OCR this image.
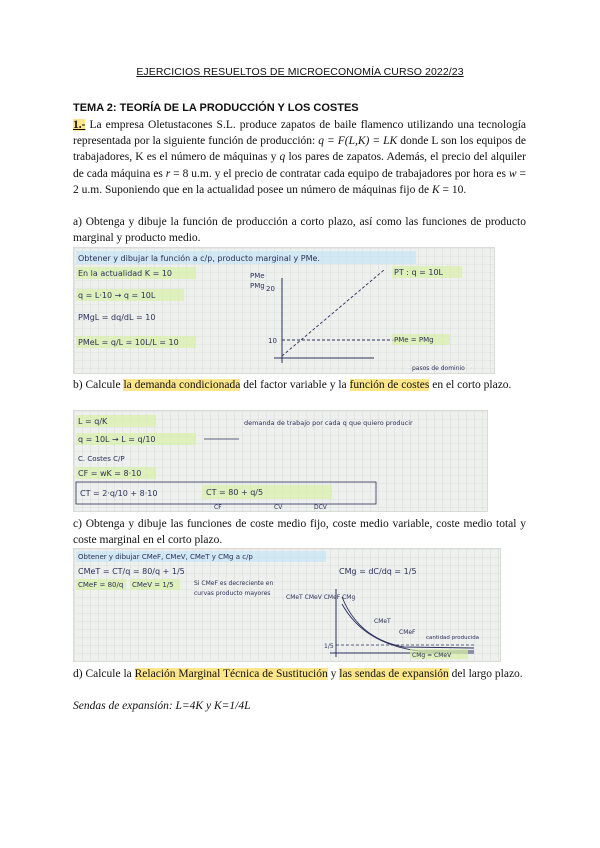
EJERCICIOS RESUELTOS DE MICROECONOMÍA CURSO 2022/23
TEMA 2: TEORÍA DE LA PRODUCCIÓN Y LOS COSTES
1.- La empresa Oletustacones S.L. produce zapatos de baile flamenco utilizando una tecnología representada por la siguiente función de producción: q = F(L,K) = LK donde L son los equipos de trabajadores, K es el número de máquinas y q los pares de zapatos. Además, el precio del alquiler de cada máquina es r = 8 u.m. y el precio de contratar cada equipo de trabajadores por hora es w = 2 u.m. Suponiendo que en la actualidad posee un número de máquinas fijo de K = 10.
a) Obtenga y dibuje la función de producción a corto plazo, así como las funciones de producto marginal y producto medio.
Obtener y dibujar la función a c/p, producto marginal y PMe.
En la actualidad K = 10
q = L·10 → q = 10L
PMgL = dq/dL = 10
PMeL = q/L = 10L/L = 10
PMe
PMg 20
10
PT : q = 10L
PMe = PMg
pasos de dominio
b) Calcule la demanda condicionada del factor variable y la función de costes en el corto plazo.
L = q/K
q = 10L → L = q/10
demanda de trabajo por cada q que quiero producir
C. Costes C/P
CF = wK = 8·10
CT = 2·q/10 + 8·10	CT = 80 + q/5
CF	CV	DCV
c) Obtenga y dibuje las funciones de coste medio fijo, coste medio variable, coste medio total y coste marginal en el corto plazo.
Obtener y dibujar CMeF, CMeV, CMeT y CMg a c/p
CMeT = CT/q = 80/q + 1/5
CMeF = 80/q CMeV = 1/5	Si CMeF es decreciente en
curvas producto mayores
CMg = dC/dq = 1/5
CMeT CMeV CMeF CMg
1/5
CMeT
CMeF
CMg = CMeV
cantidad producida
d) Calcule la Relación Marginal Técnica de Sustitución y las sendas de expansión del largo plazo.
Sendas de expansión: L=4K y K=1/4L
